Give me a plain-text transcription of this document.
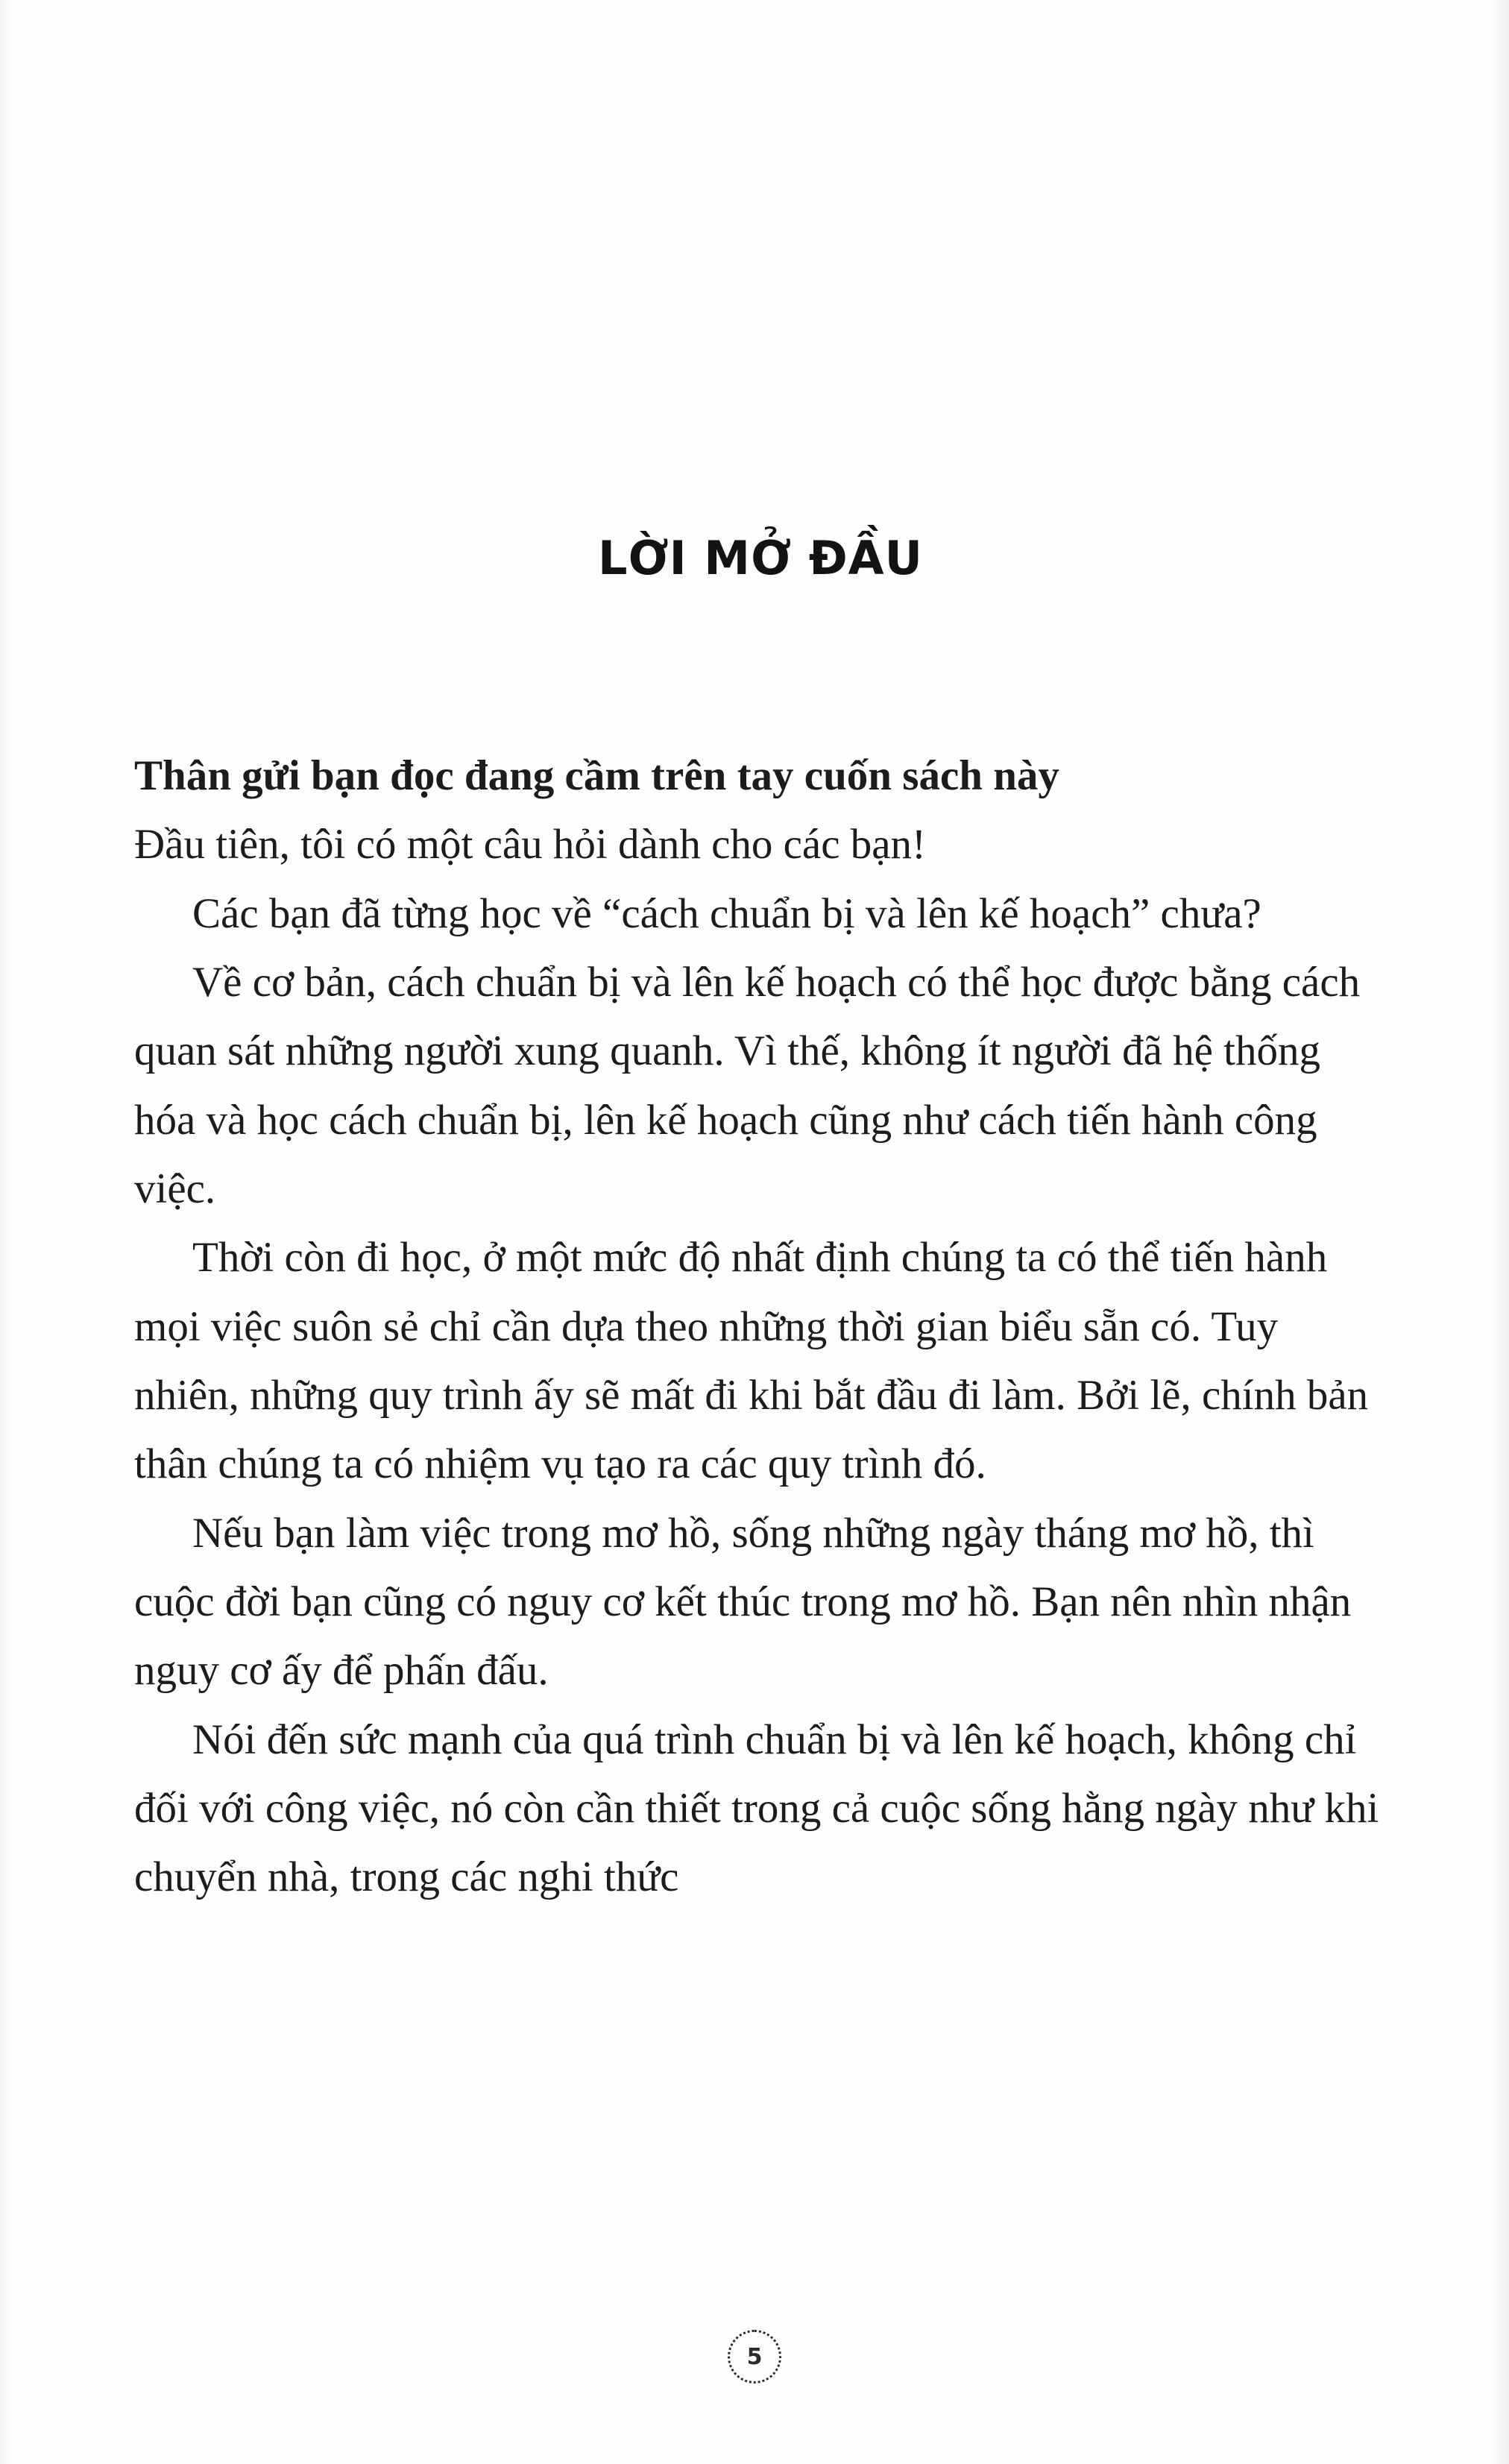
LỜI MỞ ĐẦU

Thân gửi bạn đọc đang cầm trên tay cuốn sách này

Đầu tiên, tôi có một câu hỏi dành cho các bạn!

Các bạn đã từng học về “cách chuẩn bị và lên kế hoạch” chưa?

Về cơ bản, cách chuẩn bị và lên kế hoạch có thể học được bằng cách quan sát những người xung quanh. Vì thế, không ít người đã hệ thống hóa và học cách chuẩn bị, lên kế hoạch cũng như cách tiến hành công việc.

Thời còn đi học, ở một mức độ nhất định chúng ta có thể tiến hành mọi việc suôn sẻ chỉ cần dựa theo những thời gian biểu sẵn có. Tuy nhiên, những quy trình ấy sẽ mất đi khi bắt đầu đi làm. Bởi lẽ, chính bản thân chúng ta có nhiệm vụ tạo ra các quy trình đó.

Nếu bạn làm việc trong mơ hồ, sống những ngày tháng mơ hồ, thì cuộc đời bạn cũng có nguy cơ kết thúc trong mơ hồ. Bạn nên nhìn nhận nguy cơ ấy để phấn đấu.

Nói đến sức mạnh của quá trình chuẩn bị và lên kế hoạch, không chỉ đối với công việc, nó còn cần thiết trong cả cuộc sống hằng ngày như khi chuyển nhà, trong các nghi thức

5
